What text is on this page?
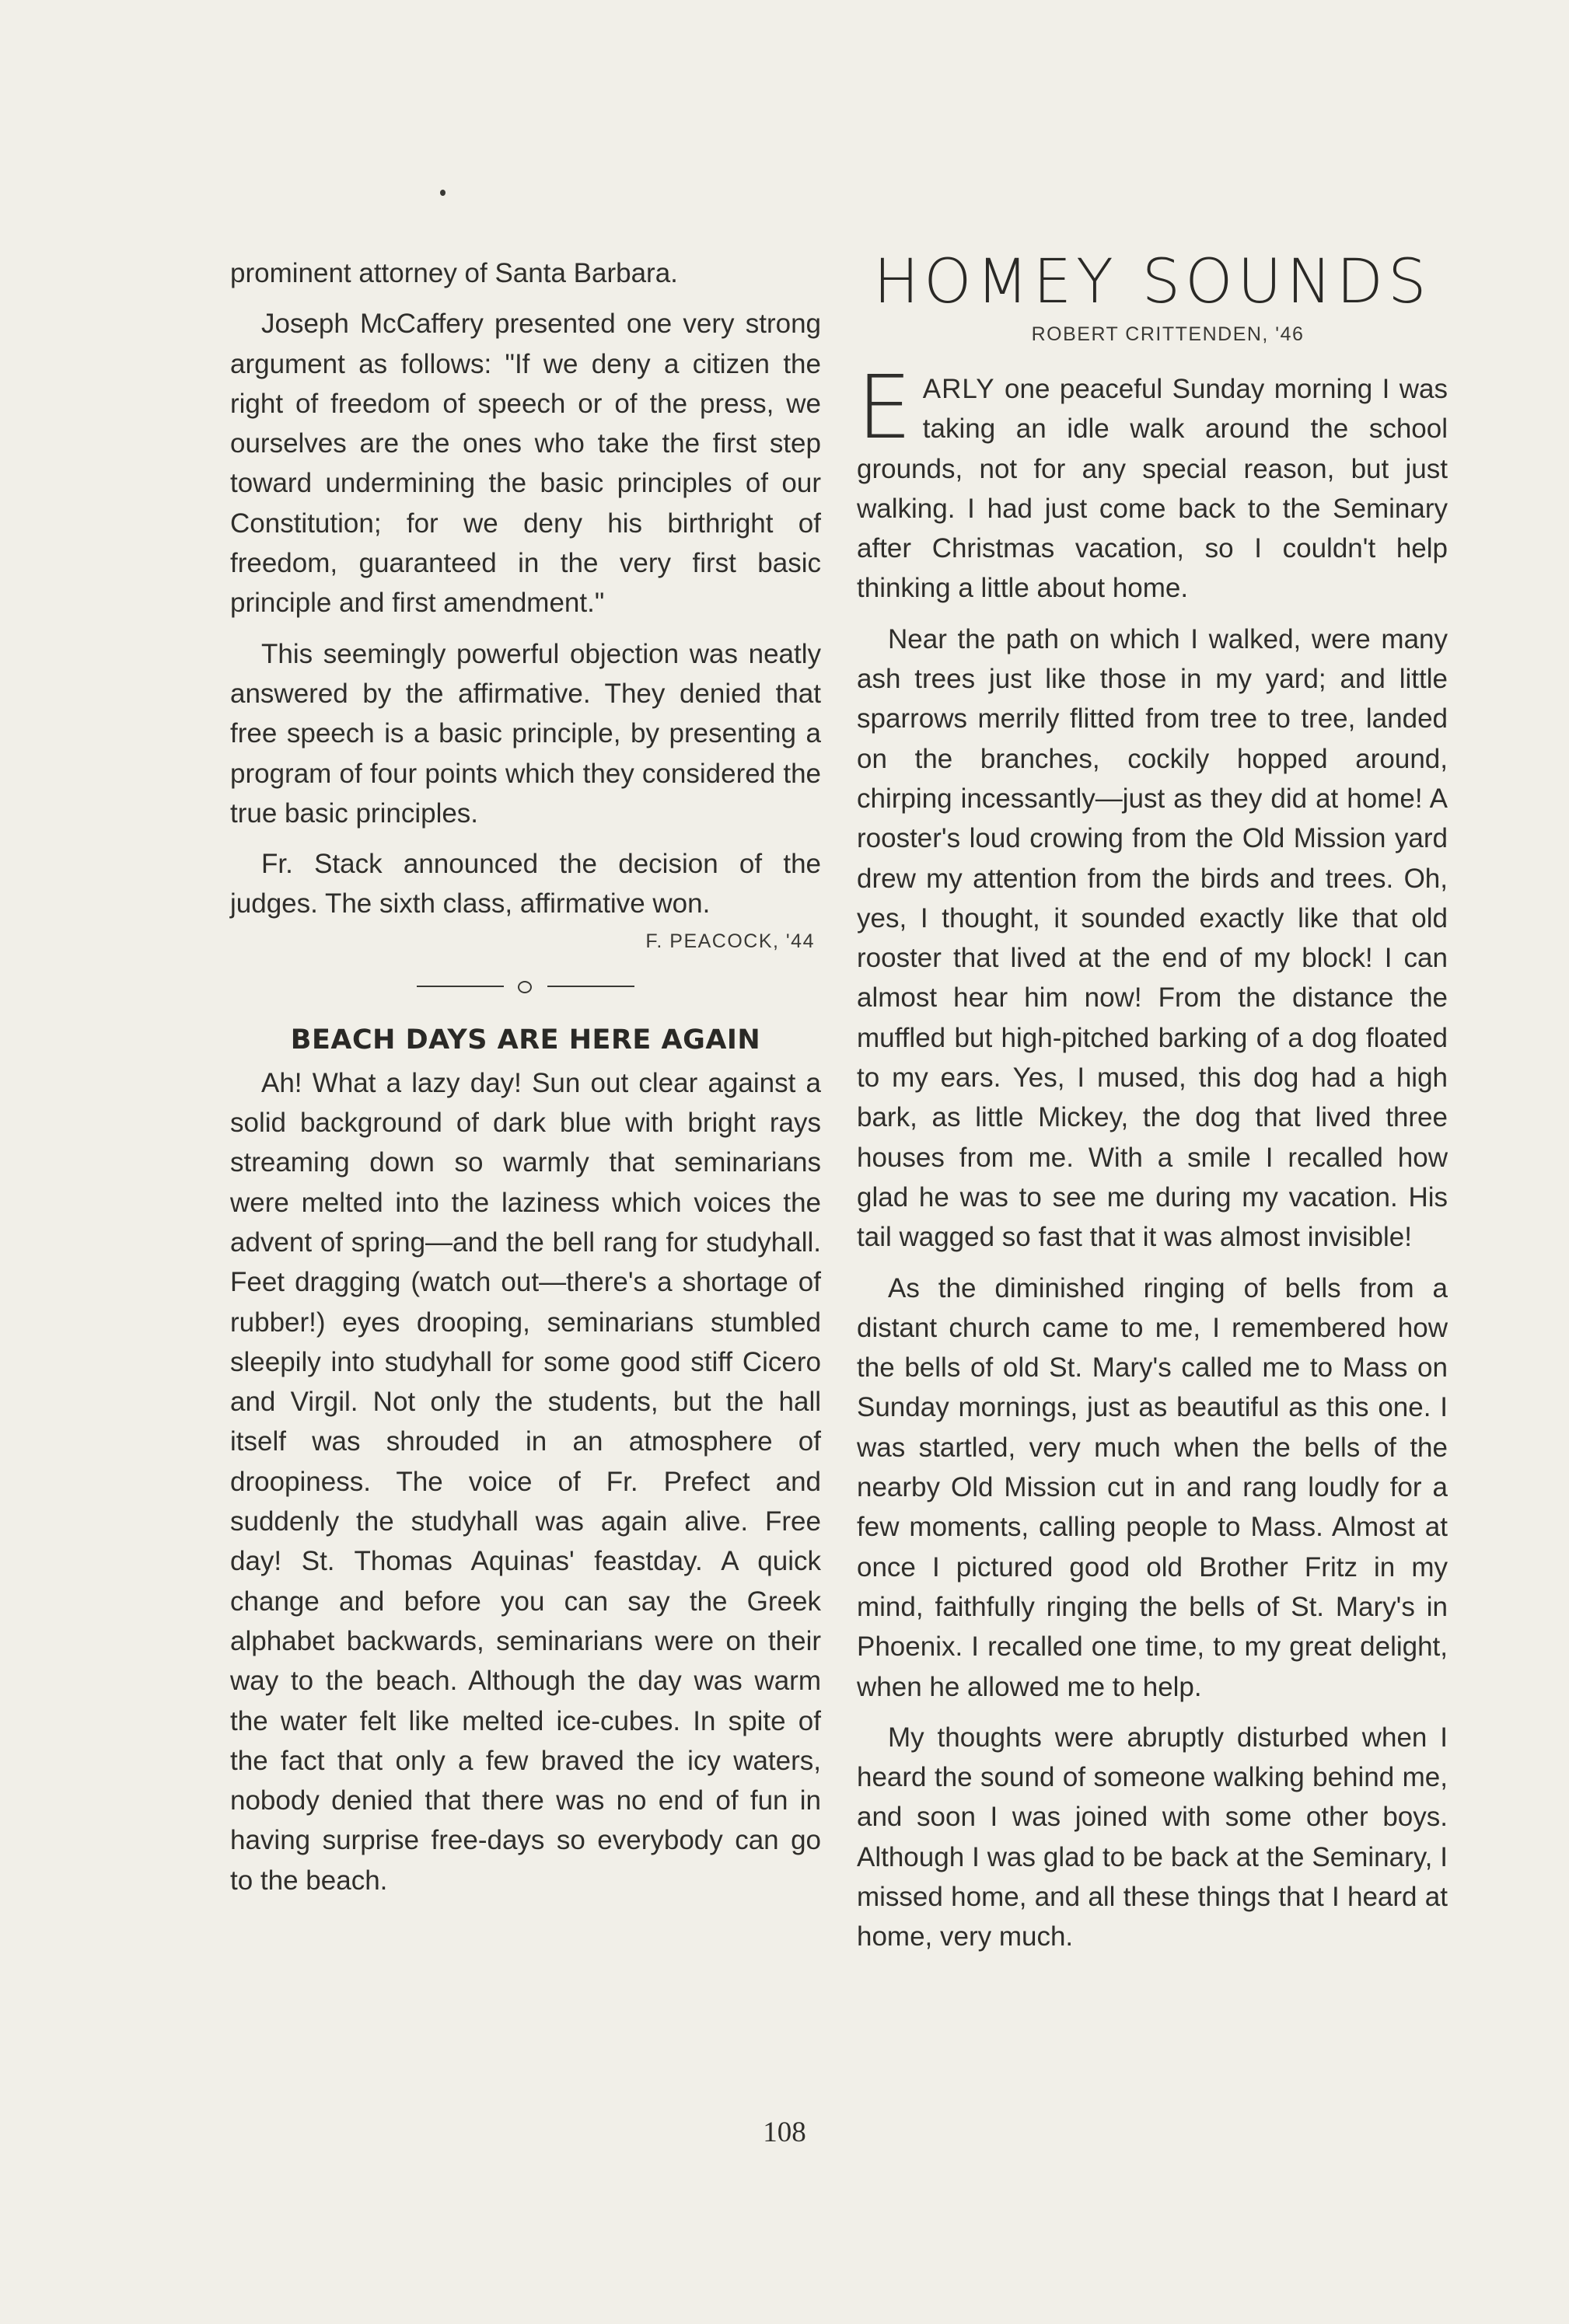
prominent attorney of Santa Barbara.

Joseph McCaffery presented one very strong argument as follows: "If we deny a citizen the right of freedom of speech or of the press, we ourselves are the ones who take the first step toward undermining the basic principles of our Constitution; for we deny his birthright of freedom, guaranteed in the very first basic principle and first amendment."

This seemingly powerful objection was neatly answered by the affirmative. They denied that free speech is a basic principle, by presenting a program of four points which they considered the true basic principles.

Fr. Stack announced the decision of the judges. The sixth class, affirmative won.

F. PEACOCK, '44
BEACH DAYS ARE HERE AGAIN

Ah! What a lazy day! Sun out clear against a solid background of dark blue with bright rays streaming down so warmly that seminarians were melted into the laziness which voices the advent of spring—and the bell rang for studyhall. Feet dragging (watch out—there's a shortage of rubber!) eyes drooping, seminarians stumbled sleepily into studyhall for some good stiff Cicero and Virgil. Not only the students, but the hall itself was shrouded in an atmosphere of droopiness. The voice of Fr. Prefect and suddenly the studyhall was again alive. Free day! St. Thomas Aquinas' feastday. A quick change and before you can say the Greek alphabet backwards, seminarians were on their way to the beach. Although the day was warm the water felt like melted ice-cubes. In spite of the fact that only a few braved the icy waters, nobody denied that there was no end of fun in having surprise free-days so everybody can go to the beach.

HOMEY SOUNDS
ROBERT CRITTENDEN, '46

EARLY one peaceful Sunday morning I was taking an idle walk around the school grounds, not for any special reason, but just walking. I had just come back to the Seminary after Christmas vacation, so I couldn't help thinking a little about home.

Near the path on which I walked, were many ash trees just like those in my yard; and little sparrows merrily flitted from tree to tree, landed on the branches, cockily hopped around, chirping incessantly—just as they did at home! A rooster's loud crowing from the Old Mission yard drew my attention from the birds and trees. Oh, yes, I thought, it sounded exactly like that old rooster that lived at the end of my block! I can almost hear him now! From the distance the muffled but high-pitched barking of a dog floated to my ears. Yes, I mused, this dog had a high bark, as little Mickey, the dog that lived three houses from me. With a smile I recalled how glad he was to see me during my vacation. His tail wagged so fast that it was almost invisible!

As the diminished ringing of bells from a distant church came to me, I remembered how the bells of old St. Mary's called me to Mass on Sunday mornings, just as beautiful as this one. I was startled, very much when the bells of the nearby Old Mission cut in and rang loudly for a few moments, calling people to Mass. Almost at once I pictured good old Brother Fritz in my mind, faithfully ringing the bells of St. Mary's in Phoenix. I recalled one time, to my great delight, when he allowed me to help.

My thoughts were abruptly disturbed when I heard the sound of someone walking behind me, and soon I was joined with some other boys. Although I was glad to be back at the Seminary, I missed home, and all these things that I heard at home, very much.

108
